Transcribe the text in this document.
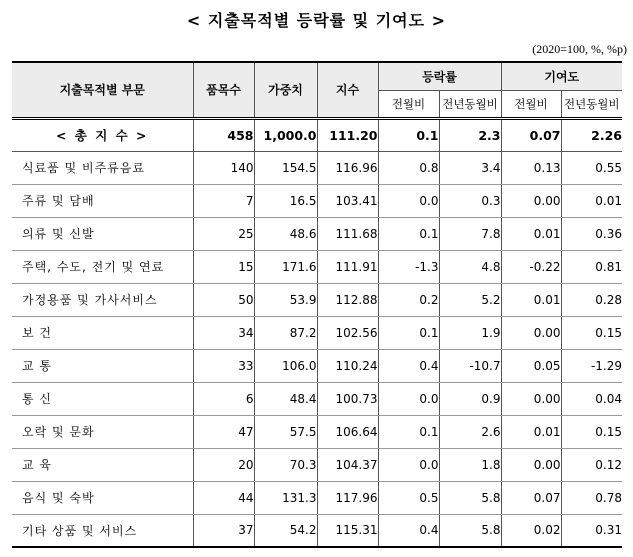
< 지출목적별 등락률 및 기여도 >
(2020=100, %, %p)
지출목적별 부문	품목수	가중치	지수	등락률		기여도	
				전월비	전년동월비	전월비	전년동월비
< 총 지 수 >	458	1,000.0	111.20	0.1	2.3	0.07	2.26
식료품 및 비주류음료	140	154.5	116.96	0.8	3.4	0.13	0.55
주류 및 담배	7	16.5	103.41	0.0	0.3	0.00	0.01
의류 및 신발	25	48.6	111.68	0.1	7.8	0.01	0.36
주택, 수도, 전기 및 연료	15	171.6	111.91	-1.3	4.8	-0.22	0.81
가정용품 및 가사서비스	50	53.9	112.88	0.2	5.2	0.01	0.28
보 건	34	87.2	102.56	0.1	1.9	0.00	0.15
교 통	33	106.0	110.24	0.4	-10.7	0.05	-1.29
통 신	6	48.4	100.73	0.0	0.9	0.00	0.04
오락 및 문화	47	57.5	106.64	0.1	2.6	0.01	0.15
교 육	20	70.3	104.37	0.0	1.8	0.00	0.12
음식 및 숙박	44	131.3	117.96	0.5	5.8	0.07	0.78
기타 상품 및 서비스	37	54.2	115.31	0.4	5.8	0.02	0.31
